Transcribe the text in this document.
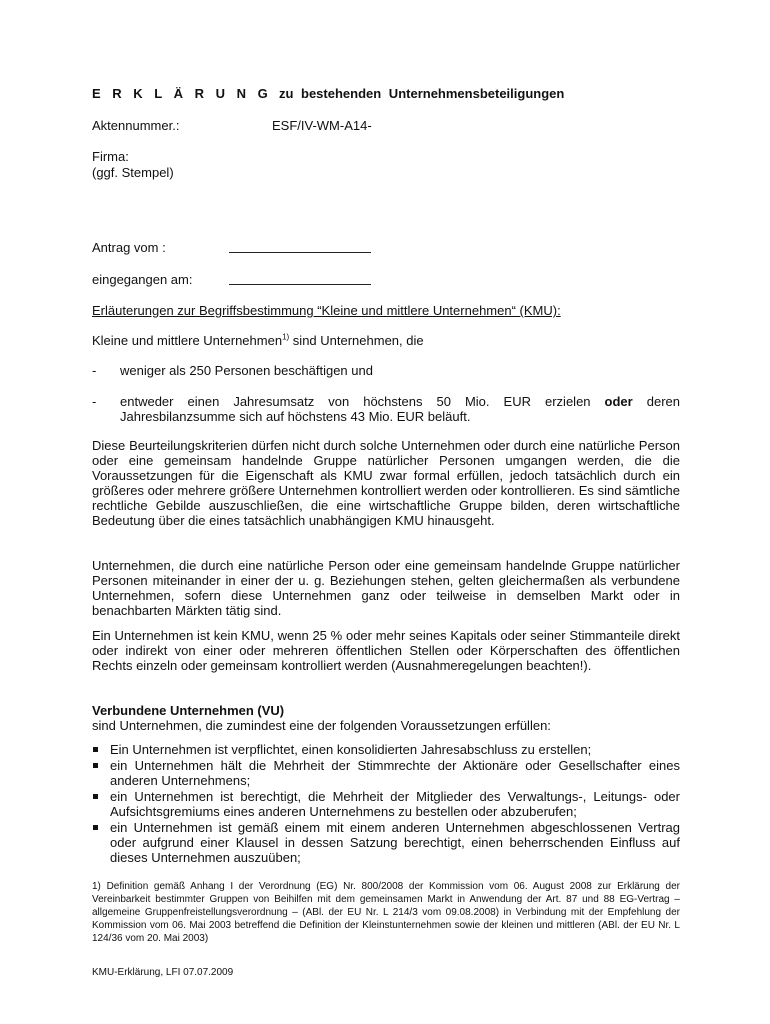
E R K L Ä R U N G zu bestehenden Unternehmensbeteiligungen
Aktennummer.:	ESF/IV-WM-A14-
Firma:
(ggf. Stempel)
Antrag vom :
eingegangen am:
Erläuterungen zur Begriffsbestimmung “Kleine und mittlere Unternehmen“ (KMU):
Kleine und mittlere Unternehmen$^{1)}$ sind Unternehmen, die
- weniger als 250 Personen beschäftigen und
- entweder einen Jahresumsatz von höchstens 50 Mio. EUR erzielen oder deren Jahresbilanzsumme sich auf höchstens 43 Mio. EUR beläuft.
Diese Beurteilungskriterien dürfen nicht durch solche Unternehmen oder durch eine natürliche Person oder eine gemeinsam handelnde Gruppe natürlicher Personen umgangen werden, die die Voraussetzungen für die Eigenschaft als KMU zwar formal erfüllen, jedoch tatsächlich durch ein größeres oder mehrere größere Unternehmen kontrolliert werden oder kontrollieren. Es sind sämtliche rechtliche Gebilde auszuschließen, die eine wirtschaftliche Gruppe bilden, deren wirtschaftliche Bedeutung über die eines tatsächlich unabhängigen KMU hinausgeht.
Unternehmen, die durch eine natürliche Person oder eine gemeinsam handelnde Gruppe natürlicher Personen miteinander in einer der u. g. Beziehungen stehen, gelten gleichermaßen als verbundene Unternehmen, sofern diese Unternehmen ganz oder teilweise in demselben Markt oder in benachbarten Märkten tätig sind.
Ein Unternehmen ist kein KMU, wenn 25 % oder mehr seines Kapitals oder seiner Stimmanteile direkt oder indirekt von einer oder mehreren öffentlichen Stellen oder Körperschaften des öffentlichen Rechts einzeln oder gemeinsam kontrolliert werden (Ausnahmeregelungen beachten!).
Verbundene Unternehmen (VU)
sind Unternehmen, die zumindest eine der folgenden Voraussetzungen erfüllen:
Ein Unternehmen ist verpflichtet, einen konsolidierten Jahresabschluss zu erstellen;
ein Unternehmen hält die Mehrheit der Stimmrechte der Aktionäre oder Gesellschafter eines anderen Unternehmens;
ein Unternehmen ist berechtigt, die Mehrheit der Mitglieder des Verwaltungs-, Leitungs- oder Aufsichtsgremiums eines anderen Unternehmens zu bestellen oder abzuberufen;
ein Unternehmen ist gemäß einem mit einem anderen Unternehmen abgeschlossenen Vertrag oder aufgrund einer Klausel in dessen Satzung berechtigt, einen beherrschenden Einfluss auf dieses Unternehmen auszuüben;
1) Definition gemäß Anhang I der Verordnung (EG) Nr. 800/2008 der Kommission vom 06. August 2008 zur Erklärung der Vereinbarkeit bestimmter Gruppen von Beihilfen mit dem gemeinsamen Markt in Anwendung der Art. 87 und 88 EG-Vertrag – allgemeine Gruppenfreistellungsverordnung – (ABl. der EU Nr. L 214/3 vom 09.08.2008) in Verbindung mit der Empfehlung der Kommission vom 06. Mai 2003 betreffend die Definition der Kleinstunternehmen sowie der kleinen und mittleren (ABl. der EU Nr. L 124/36 vom 20. Mai 2003)
KMU-Erklärung, LFI 07.07.2009
